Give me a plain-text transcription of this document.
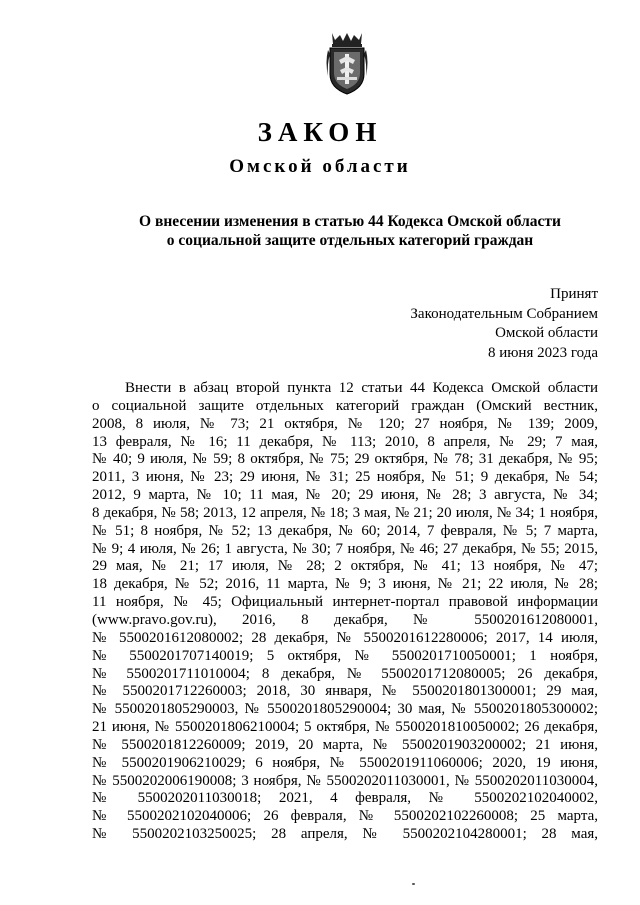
ЗАКОН
Омской области
О внесении изменения в статью 44 Кодекса Омской области
о социальной защите отдельных категорий граждан
Принят
Законодательным Собранием
Омской области
8 июня 2023 года
Внести в абзац второй пункта 12 статьи 44 Кодекса Омской области
о социальной защите отдельных категорий граждан (Омский вестник,
2008, 8 июля, № 73; 21 октября, № 120; 27 ноября, № 139; 2009,
13 февраля, № 16; 11 декабря, № 113; 2010, 8 апреля, № 29; 7 мая,
№ 40; 9 июля, № 59; 8 октября, № 75; 29 октября, № 78; 31 декабря, № 95;
2011, 3 июня, № 23; 29 июня, № 31; 25 ноября, № 51; 9 декабря, № 54;
2012, 9 марта, № 10; 11 мая, № 20; 29 июня, № 28; 3 августа, № 34;
8 декабря, № 58; 2013, 12 апреля, № 18; 3 мая, № 21; 20 июля, № 34; 1 ноября,
№ 51; 8 ноября, № 52; 13 декабря, № 60; 2014, 7 февраля, № 5; 7 марта,
№ 9; 4 июля, № 26; 1 августа, № 30; 7 ноября, № 46; 27 декабря, № 55; 2015,
29 мая, № 21; 17 июля, № 28; 2 октября, № 41; 13 ноября, № 47;
18 декабря, № 52; 2016, 11 марта, № 9; 3 июня, № 21; 22 июля, № 28;
11 ноября, № 45; Официальный интернет-портал правовой информации
(www.pravo.gov.ru), 2016, 8 декабря, № 5500201612080001,
№ 5500201612080002; 28 декабря, № 5500201612280006; 2017, 14 июля,
№ 5500201707140019; 5 октября, № 5500201710050001; 1 ноября,
№ 5500201711010004; 8 декабря, № 5500201712080005; 26 декабря,
№ 5500201712260003; 2018, 30 января, № 5500201801300001; 29 мая,
№ 5500201805290003, № 5500201805290004; 30 мая, № 5500201805300002;
21 июня, № 5500201806210004; 5 октября, № 5500201810050002; 26 декабря,
№ 5500201812260009; 2019, 20 марта, № 5500201903200002; 21 июня,
№ 5500201906210029; 6 ноября, № 5500201911060006; 2020, 19 июня,
№ 5500202006190008; 3 ноября, № 5500202011030001, № 5500202011030004,
№ 5500202011030018; 2021, 4 февраля, № 5500202102040002,
№ 5500202102040006; 26 февраля, № 5500202102260008; 25 марта,
№ 5500202103250025; 28 апреля, № 5500202104280001; 28 мая,
